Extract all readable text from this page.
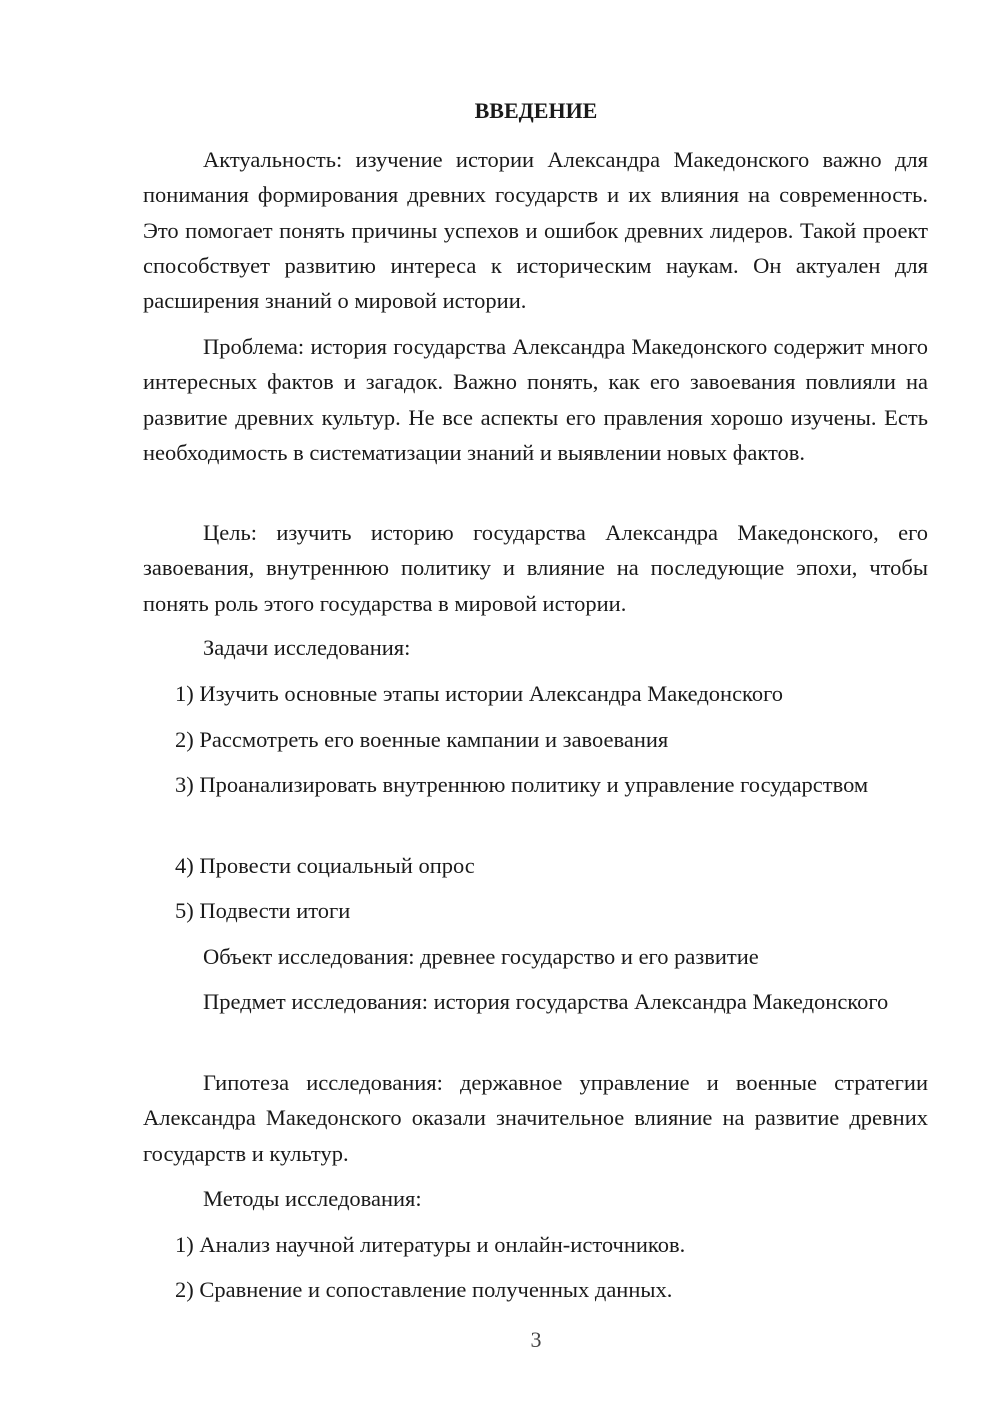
ВВЕДЕНИЕ
Актуальность: изучение истории Александра Македонского важно для понимания формирования древних государств и их влияния на современность. Это помогает понять причины успехов и ошибок древних лидеров. Такой проект способствует развитию интереса к историческим наукам. Он актуален для расширения знаний о мировой истории.
Проблема: история государства Александра Македонского содержит много интересных фактов и загадок. Важно понять, как его завоевания повлияли на развитие древних культур. Не все аспекты его правления хорошо изучены. Есть необходимость в систематизации знаний и выявлении новых фактов.
Цель: изучить историю государства Александра Македонского, его завоевания, внутреннюю политику и влияние на последующие эпохи, чтобы понять роль этого государства в мировой истории.
Задачи исследования:
1) Изучить основные этапы истории Александра Македонского
2) Рассмотреть его военные кампании и завоевания
3) Проанализировать внутреннюю политику и управление государством
4) Провести социальный опрос
5) Подвести итоги
Объект исследования: древнее государство и его развитие
Предмет исследования: история государства Александра Македонского
Гипотеза исследования: державное управление и военные стратегии Александра Македонского оказали значительное влияние на развитие древних государств и культур.
Методы исследования:
1) Анализ научной литературы и онлайн-источников.
2) Сравнение и сопоставление полученных данных.
3
